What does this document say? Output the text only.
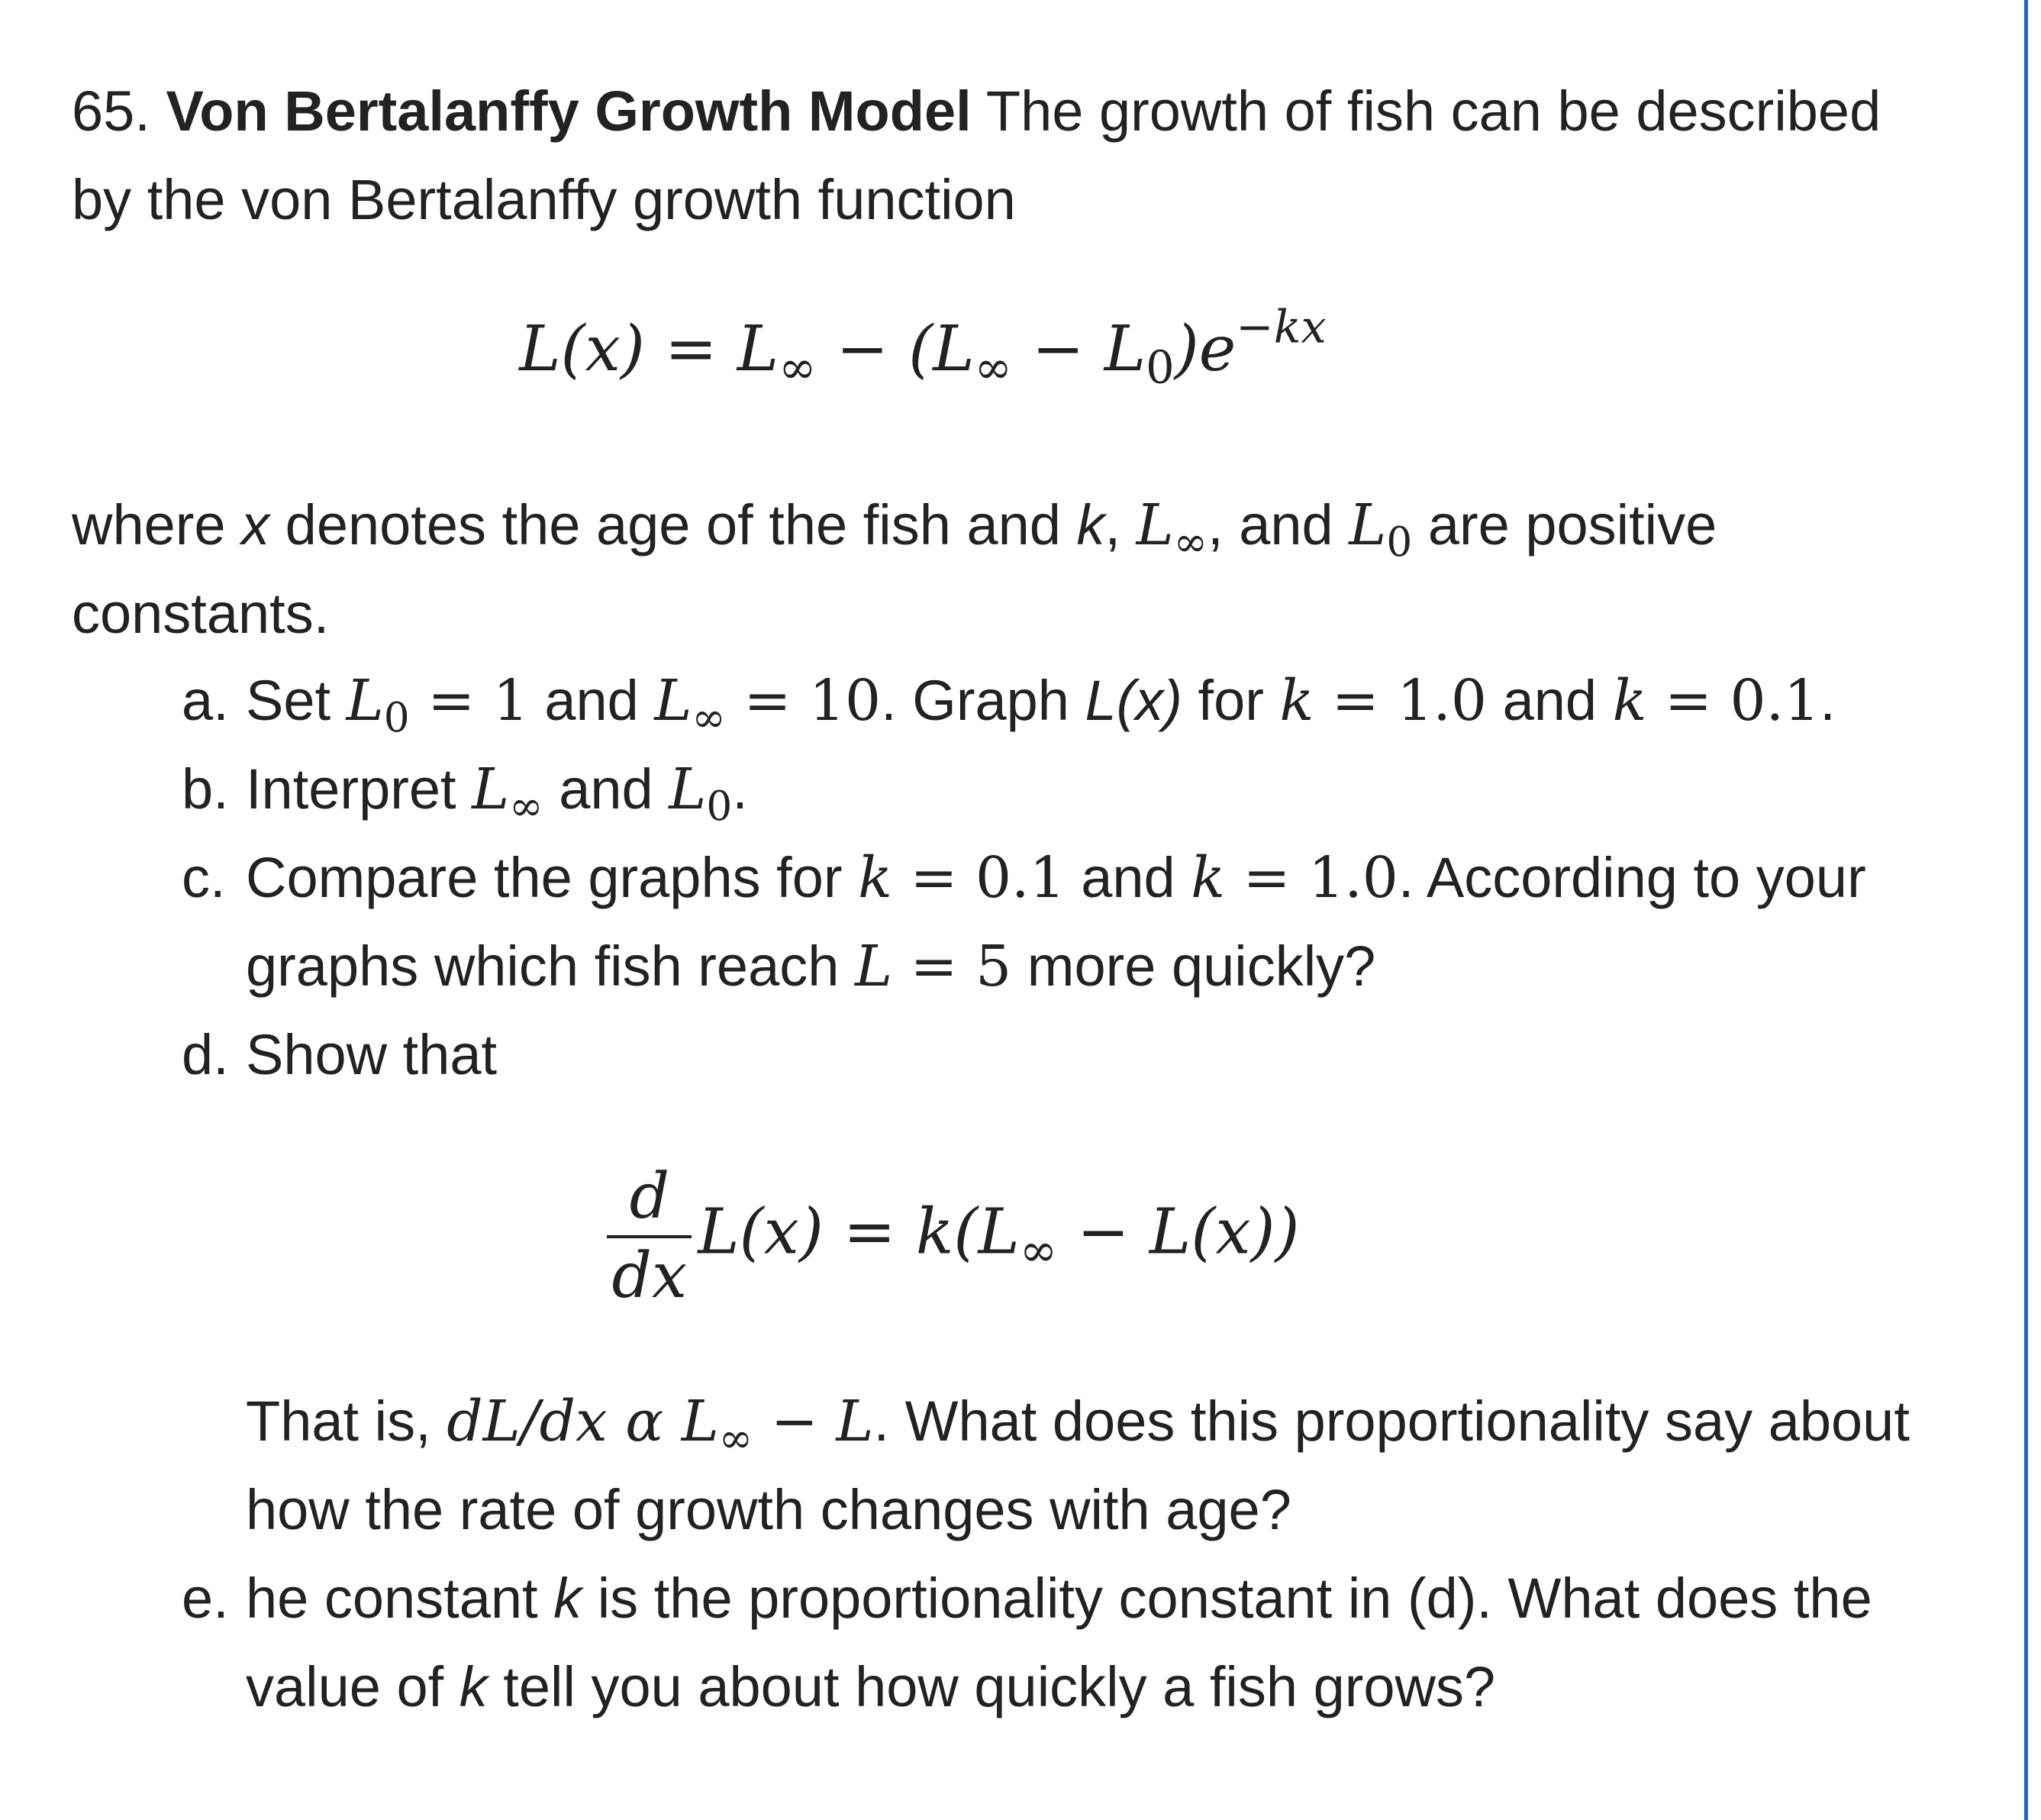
65. Von Bertalanffy Growth Model The growth of fish can be described
by the von Bertalanffy growth function

$L(x) = L_\infty - (L_\infty - L_0)e^{-kx}$

where x denotes the age of the fish and k, $L_\infty$, and $L_0$ are positive
constants.

a. Set $L_0 = 1$ and $L_\infty = 10$. Graph L(x) for k = 1.0 and k = 0.1.
b. Interpret $L_\infty$ and $L_0$.
c. Compare the graphs for k = 0.1 and k = 1.0. According to your
graphs which fish reach L = 5 more quickly?
d. Show that
That is, dL/dx α $L_\infty - L$. What does this proportionality say about
how the rate of growth changes with age?
e. he constant k is the proportionality constant in (d). What does the
value of k tell you about how quickly a fish grows?
$\frac{d}{dx} L(x) = k(L_\infty - L(x))$
